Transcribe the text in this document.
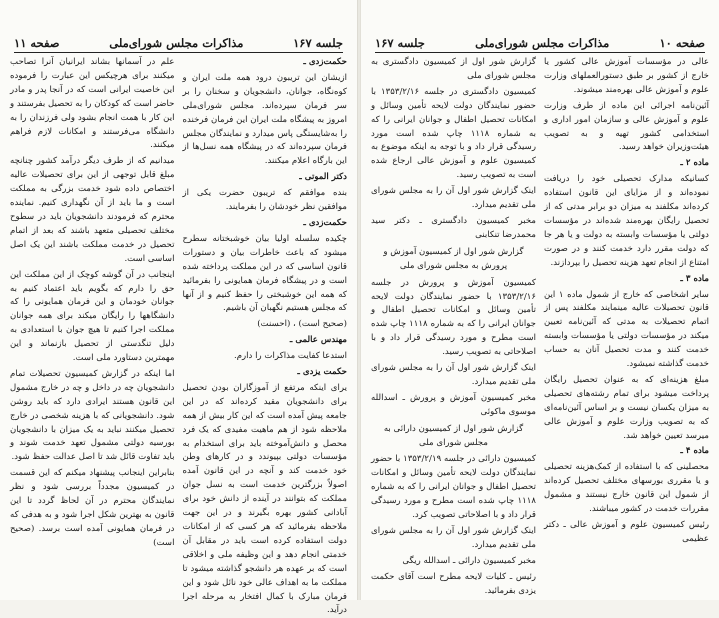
جلسه ۱۶۷
مذاکرات مجلس شورای‌ملی
صفحه ۱۱

حکمت‌زدی ـ

ازیشان این تریبون درود همه ملت ایران و کوه‌نگاه، جوانان، دانشجویان و سخنان را بر سر فرمان سپرده‌اند. مجلس شورای‌ملی امروز به پیشگاه ملت ایران این فرمان فرخنده را به‌شایستگی پاس میدارد و نمایندگان مجلس فرمان سپرده‌اند که در پیشگاه همه نسل‌ها از این بارگاه اعلام میکنند.

دکتر الموتی ـ

بنده موافقم که تریبون حضرت یکی از موافقین نظر خودشان را بفرمایند.

حکمت‌زدی ـ

چکیده سلسله اولیا بیان خوشبختانه سطرح میشود که باعث خاطرات بیان و دستورات قانون اساسی که در این مملکت پرداخته شده است و در پیشگاه فرمان همایونی را بفرمائید که همه این خوشبختی را حفظ کنیم و از آنها که مجلس هستیم نگهبان آن باشیم.

(صحیح است) ، (احسنت)

مهندس عالمی ـ

استدعا کفایت مذاکرات را دارم.

حکمت یزدی ـ

یرای اینکه مرتفع از آموزگاران بودن تحصیل برای دانشجویان مقید کرده‌اند که در این جامعه پیش آمده است که این کار بیش از همه ملاحظه شود از هم ماهیت مفیدی که یک فرد محصل و دانش‌آموخته باید برای استخدام به مؤسسات دولتی بپیوندد و در کارهای وطن خود خدمت کند و آنچه در این قانون آمده اصولاً بزرگترین خدمت است به نسل جوان مملکت که بتوانند در آینده از دانش خود برای آبادانی کشور بهره بگیرند و در این جهت ملاحظه بفرمائید که هر کسی که از امکانات دولت استفاده کرده است باید در مقابل آن خدمتی انجام دهد و این وظیفه ملی و اخلاقی است که بر عهده هر دانشجو گذاشته میشود تا مملکت ما به اهداف عالی خود نائل شود و این فرمان مبارک با کمال افتخار به مرحله اجرا درآید.

علم در آسمانها بشاند ایرانیان آنرا تصاحب میکنند برای هرچیکس این عبارت را فرموده این خاصیت ایرانی است که در آنجا پدر و مادر حاضر است که کودکان را به تحصیل بفرستند و این کار با همت انجام بشود ولی فرزندان را به دانشگاه می‌فرستند و امکانات لازم فراهم میکنند.

میدانیم که از طرف دیگر درآمد کشور چنانچه مبلغ قابل توجهی از این برای تحصیلات عالیه اختصاص داده شود خدمت بزرگی به مملکت است و ما باید از آن نگهداری کنیم. نماینده محترم که فرمودند دانشجویان باید در سطوح مختلف تحصیلی متعهد باشند که بعد از اتمام تحصیل در خدمت مملکت باشند این یک اصل اساسی است.

اینجانب در آن گوشه کوچک از این مملکت این حق را دارم که بگویم باید اعتماد کنیم به جوانان خودمان و این فرمان همایونی را که دانشگاهها را رایگان میکند برای همه جوانان مملکت اجرا کنیم تا هیچ جوان با استعدادی به دلیل تنگدستی از تحصیل بازنماند و این مهمترین دستاورد ملی است.

اما اینکه در گزارش کمیسیون تحصیلات تمام دانشجویان چه در داخل و چه در خارج مشمول این قانون هستند ایرادی دارد که باید روشن شود. دانشجویانی که با هزینه شخصی در خارج تحصیل میکنند نباید به یک میزان با دانشجویان بورسیه دولتی مشمول تعهد خدمت شوند و باید تفاوت قائل شد تا اصل عدالت حفظ شود.

بنابراین اینجانب پیشنهاد میکنم که این قسمت در کمیسیون مجدداً بررسی شود و نظر نمایندگان محترم در آن لحاظ گردد تا این قانون به بهترین شکل اجرا شود و به هدفی که در فرمان همایونی آمده است برسد. (صحیح است)

صفحه ۱۰
مذاکرات مجلس شورای‌ملی
جلسه ۱۶۷

عالی در مؤسسات آموزش عالی کشور یا خارج از کشور بر طبق دستورالعملهای وزارت علوم و آموزش عالی بهره‌مند میشوند.

آئین‌نامه اجرائی این ماده از طرف وزارت علوم و آموزش عالی و سازمان امور اداری و استخدامی کشور تهیه و به تصویب هیئت‌وزیران خواهد رسید.

ماده ۲ ـ

کسانیکه مدارک تحصیلی خود را دریافت نموده‌اند و از مزایای این قانون استفاده کرده‌اند مکلفند به میزان دو برابر مدتی که از تحصیل رایگان بهره‌مند شده‌اند در مؤسسات دولتی یا مؤسسات وابسته به دولت و یا هر جا که دولت مقرر دارد خدمت کنند و در صورت امتناع از انجام تعهد هزینه تحصیل را بپردازند.

ماده ۳ ـ

سایر اشخاصی که خارج از شمول ماده ۱ این قانون تحصیلات عالیه مینمایند مکلفند پس از اتمام تحصیلات به مدتی که آئین‌نامه تعیین میکند در مؤسسات دولتی یا مؤسسات وابسته خدمت کنند و مدت تحصیل آنان به حساب خدمت گذاشته نمیشود.

مبلغ هزینه‌ای که به عنوان تحصیل رایگان پرداخت میشود برای تمام رشته‌های تحصیلی به میزان یکسان نیست و بر اساس آئین‌نامه‌ای که به تصویب وزارت علوم و آموزش عالی میرسد تعیین خواهد شد.

ماده ۴ ـ

محصلینی که با استفاده از کمک‌هزینه تحصیلی و یا مقرری بورسهای مختلف تحصیل کرده‌اند از شمول این قانون خارج نیستند و مشمول مقررات خدمت در کشور میباشند.

رئیس کمیسیون علوم و آموزش عالی ـ دکتر عظیمی

گزارش شور اول از کمیسیون دادگستری به مجلس شورای ملی

کمیسیون دادگستری در جلسه ۱۳۵۳/۲/۱۶ با حضور نمایندگان دولت لایحه تأمین وسائل و امکانات تحصیل اطفال و جوانان ایرانی را که به شماره ۱۱۱۸ چاپ شده است مورد رسیدگی قرار داد و با توجه به اینکه موضوع به کمیسیون علوم و آموزش عالی ارجاع شده است به تصویب رسید.

اینک گزارش شور اول آن را به مجلس شورای ملی تقدیم میدارد.

مخبر کمیسیون دادگستری ـ دکتر سید محمدرضا تنکابنی

گزارش شور اول از کمیسیون آموزش و پرورش به مجلس شورای ملی

کمیسیون آموزش و پرورش در جلسه ۱۳۵۳/۲/۱۶ با حضور نمایندگان دولت لایحه تأمین وسائل و امکانات تحصیل اطفال و جوانان ایرانی را که به شماره ۱۱۱۸ چاپ شده است مطرح و مورد رسیدگی قرار داد و با اصلاحاتی به تصویب رسید.

اینک گزارش شور اول آن را به مجلس شورای ملی تقدیم میدارد.

مخبر کمیسیون آموزش و پرورش ـ اسدالله موسوی ماکوئی

گزارش شور اول از کمیسیون دارائی به مجلس شورای ملی

کمیسیون دارائی در جلسه ۱۳۵۳/۲/۱۹ با حضور نمایندگان دولت لایحه تأمین وسائل و امکانات تحصیل اطفال و جوانان ایرانی را که به شماره ۱۱۱۸ چاپ شده است مطرح و مورد رسیدگی قرار داد و با اصلاحاتی تصویب کرد.

اینک گزارش شور اول آن را به مجلس شورای ملی تقدیم میدارد.

مخبر کمیسیون دارائی ـ اسدالله ریگی

رئیس ـ کلیات لایحه مطرح است آقای حکمت یزدی بفرمائید.
